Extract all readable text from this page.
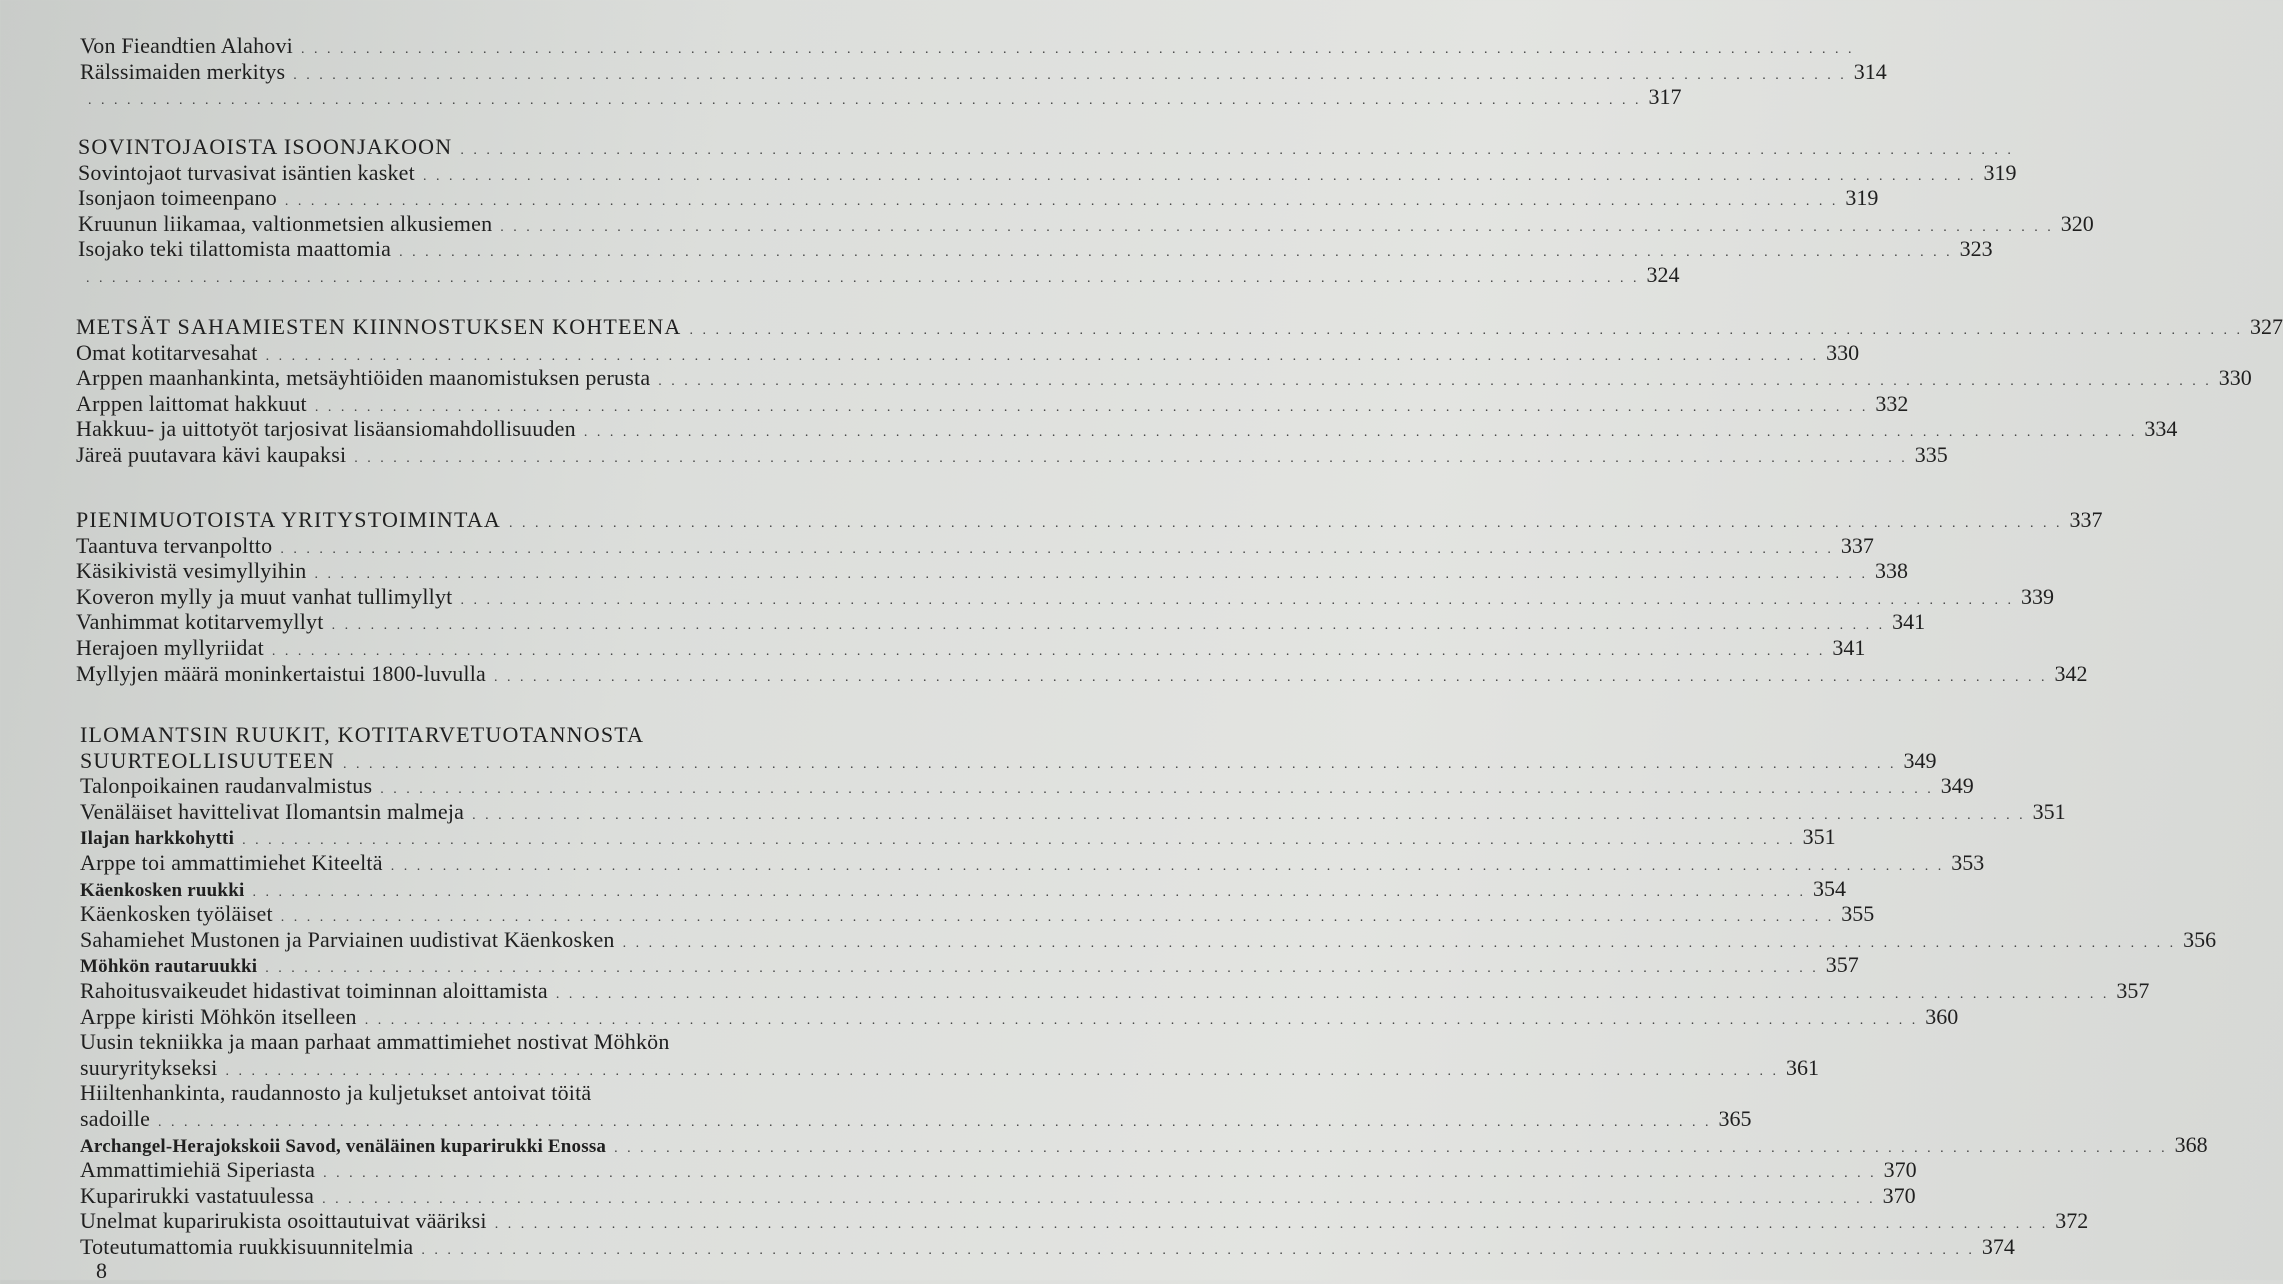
Von Fieandtien Alahovi . . . . . . . . . . . . . . . . . . . . . . . . . . . . . . . . . . . . . . . . . . . . . . . . . . . . . . . . . . . . . . . . . . . . . . . . . . . . . . . . . . . . . . . . . . . . . . . . . . . . . . . . . . . . . . . . . . . . . . . .
Rälssimaiden merkitys . . . . . . . . . . . . . . . . . . . . . . . . . . . . . . . . . . . . . . . . . . . . . . . . . . . . . . . . . . . . . . . . . . . . . . . . . . . . . . . . . . . . . . . . . . . . . . . . . . . . . . . . . . . . . . . . . . . . . . . . 314
. . . . . . . . . . . . . . . . . . . . . . . . . . . . . . . . . . . . . . . . . . . . . . . . . . . . . . . . . . . . . . . . . . . . . . . . . . . . . . . . . . . . . . . . . . . . . . . . . . . . . . . . . . . . . . . . . . . . . . . . 317
SOVINTOJAOISTA ISOONJAKOON . . . . . . . . . . . . . . . . . . . . . . . . . . . . . . . . . . . . . . . . . . . . . . . . . . . . . . . . . . . . . . . . . . . . . . . . . . . . . . . . . . . . . . . . . . . . . . . . . . . . . . . . . . . . . . . . . . . . . . . .
Sovintojaot turvasivat isäntien kasket . . . . . . . . . . . . . . . . . . . . . . . . . . . . . . . . . . . . . . . . . . . . . . . . . . . . . . . . . . . . . . . . . . . . . . . . . . . . . . . . . . . . . . . . . . . . . . . . . . . . . . . . . . . . . . . . . . . . . . . . 319
Isonjaon toimeenpano . . . . . . . . . . . . . . . . . . . . . . . . . . . . . . . . . . . . . . . . . . . . . . . . . . . . . . . . . . . . . . . . . . . . . . . . . . . . . . . . . . . . . . . . . . . . . . . . . . . . . . . . . . . . . . . . . . . . . . . . 319
Kruunun liikamaa, valtionmetsien alkusiemen . . . . . . . . . . . . . . . . . . . . . . . . . . . . . . . . . . . . . . . . . . . . . . . . . . . . . . . . . . . . . . . . . . . . . . . . . . . . . . . . . . . . . . . . . . . . . . . . . . . . . . . . . . . . . . . . . . . . . . . . 320
Isojako teki tilattomista maattomia . . . . . . . . . . . . . . . . . . . . . . . . . . . . . . . . . . . . . . . . . . . . . . . . . . . . . . . . . . . . . . . . . . . . . . . . . . . . . . . . . . . . . . . . . . . . . . . . . . . . . . . . . . . . . . . . . . . . . . . . 323
. . . . . . . . . . . . . . . . . . . . . . . . . . . . . . . . . . . . . . . . . . . . . . . . . . . . . . . . . . . . . . . . . . . . . . . . . . . . . . . . . . . . . . . . . . . . . . . . . . . . . . . . . . . . . . . . . . . . . . . . 324
METSÄT SAHAMIESTEN KIINNOSTUKSEN KOHTEENA . . . . . . . . . . . . . . . . . . . . . . . . . . . . . . . . . . . . . . . . . . . . . . . . . . . . . . . . . . . . . . . . . . . . . . . . . . . . . . . . . . . . . . . . . . . . . . . . . . . . . . . . . . . . . . . . . . . . . . . . 327
Omat kotitarvesahat . . . . . . . . . . . . . . . . . . . . . . . . . . . . . . . . . . . . . . . . . . . . . . . . . . . . . . . . . . . . . . . . . . . . . . . . . . . . . . . . . . . . . . . . . . . . . . . . . . . . . . . . . . . . . . . . . . . . . . . . 330
Arppen maanhankinta, metsäyhtiöiden maanomistuksen perusta . . . . . . . . . . . . . . . . . . . . . . . . . . . . . . . . . . . . . . . . . . . . . . . . . . . . . . . . . . . . . . . . . . . . . . . . . . . . . . . . . . . . . . . . . . . . . . . . . . . . . . . . . . . . . . . . . . . . . . . . 330
Arppen laittomat hakkuut . . . . . . . . . . . . . . . . . . . . . . . . . . . . . . . . . . . . . . . . . . . . . . . . . . . . . . . . . . . . . . . . . . . . . . . . . . . . . . . . . . . . . . . . . . . . . . . . . . . . . . . . . . . . . . . . . . . . . . . . 332
Hakkuu- ja uittotyöt tarjosivat lisäansiomahdollisuuden . . . . . . . . . . . . . . . . . . . . . . . . . . . . . . . . . . . . . . . . . . . . . . . . . . . . . . . . . . . . . . . . . . . . . . . . . . . . . . . . . . . . . . . . . . . . . . . . . . . . . . . . . . . . . . . . . . . . . . . . 334
Järeä puutavara kävi kaupaksi . . . . . . . . . . . . . . . . . . . . . . . . . . . . . . . . . . . . . . . . . . . . . . . . . . . . . . . . . . . . . . . . . . . . . . . . . . . . . . . . . . . . . . . . . . . . . . . . . . . . . . . . . . . . . . . . . . . . . . . . 335
PIENIMUOTOISTA YRITYSTOIMINTAA . . . . . . . . . . . . . . . . . . . . . . . . . . . . . . . . . . . . . . . . . . . . . . . . . . . . . . . . . . . . . . . . . . . . . . . . . . . . . . . . . . . . . . . . . . . . . . . . . . . . . . . . . . . . . . . . . . . . . . . . 337
Taantuva tervanpoltto . . . . . . . . . . . . . . . . . . . . . . . . . . . . . . . . . . . . . . . . . . . . . . . . . . . . . . . . . . . . . . . . . . . . . . . . . . . . . . . . . . . . . . . . . . . . . . . . . . . . . . . . . . . . . . . . . . . . . . . . 337
Käsikivistä vesimyllyihin . . . . . . . . . . . . . . . . . . . . . . . . . . . . . . . . . . . . . . . . . . . . . . . . . . . . . . . . . . . . . . . . . . . . . . . . . . . . . . . . . . . . . . . . . . . . . . . . . . . . . . . . . . . . . . . . . . . . . . . . 338
Koveron mylly ja muut vanhat tullimyllyt . . . . . . . . . . . . . . . . . . . . . . . . . . . . . . . . . . . . . . . . . . . . . . . . . . . . . . . . . . . . . . . . . . . . . . . . . . . . . . . . . . . . . . . . . . . . . . . . . . . . . . . . . . . . . . . . . . . . . . . . 339
Vanhimmat kotitarvemyllyt . . . . . . . . . . . . . . . . . . . . . . . . . . . . . . . . . . . . . . . . . . . . . . . . . . . . . . . . . . . . . . . . . . . . . . . . . . . . . . . . . . . . . . . . . . . . . . . . . . . . . . . . . . . . . . . . . . . . . . . . 341
Herajoen myllyriidat . . . . . . . . . . . . . . . . . . . . . . . . . . . . . . . . . . . . . . . . . . . . . . . . . . . . . . . . . . . . . . . . . . . . . . . . . . . . . . . . . . . . . . . . . . . . . . . . . . . . . . . . . . . . . . . . . . . . . . . . 341
Myllyjen määrä moninkertaistui 1800-luvulla . . . . . . . . . . . . . . . . . . . . . . . . . . . . . . . . . . . . . . . . . . . . . . . . . . . . . . . . . . . . . . . . . . . . . . . . . . . . . . . . . . . . . . . . . . . . . . . . . . . . . . . . . . . . . . . . . . . . . . . . 342
ILOMANTSIN RUUKIT, KOTITARVETUOTANNOSTA
SUURTEOLLISUUTEEN . . . . . . . . . . . . . . . . . . . . . . . . . . . . . . . . . . . . . . . . . . . . . . . . . . . . . . . . . . . . . . . . . . . . . . . . . . . . . . . . . . . . . . . . . . . . . . . . . . . . . . . . . . . . . . . . . . . . . . . . 349
Talonpoikainen raudanvalmistus . . . . . . . . . . . . . . . . . . . . . . . . . . . . . . . . . . . . . . . . . . . . . . . . . . . . . . . . . . . . . . . . . . . . . . . . . . . . . . . . . . . . . . . . . . . . . . . . . . . . . . . . . . . . . . . . . . . . . . . . 349
Venäläiset havittelivat Ilomantsin malmeja . . . . . . . . . . . . . . . . . . . . . . . . . . . . . . . . . . . . . . . . . . . . . . . . . . . . . . . . . . . . . . . . . . . . . . . . . . . . . . . . . . . . . . . . . . . . . . . . . . . . . . . . . . . . . . . . . . . . . . . . 351
Ilajan harkkohytti . . . . . . . . . . . . . . . . . . . . . . . . . . . . . . . . . . . . . . . . . . . . . . . . . . . . . . . . . . . . . . . . . . . . . . . . . . . . . . . . . . . . . . . . . . . . . . . . . . . . . . . . . . . . . . . . . . . . . . . . 351
Arppe toi ammattimiehet Kiteeltä . . . . . . . . . . . . . . . . . . . . . . . . . . . . . . . . . . . . . . . . . . . . . . . . . . . . . . . . . . . . . . . . . . . . . . . . . . . . . . . . . . . . . . . . . . . . . . . . . . . . . . . . . . . . . . . . . . . . . . . . 353
Käenkosken ruukki . . . . . . . . . . . . . . . . . . . . . . . . . . . . . . . . . . . . . . . . . . . . . . . . . . . . . . . . . . . . . . . . . . . . . . . . . . . . . . . . . . . . . . . . . . . . . . . . . . . . . . . . . . . . . . . . . . . . . . . . 354
Käenkosken työläiset . . . . . . . . . . . . . . . . . . . . . . . . . . . . . . . . . . . . . . . . . . . . . . . . . . . . . . . . . . . . . . . . . . . . . . . . . . . . . . . . . . . . . . . . . . . . . . . . . . . . . . . . . . . . . . . . . . . . . . . . 355
Sahamiehet Mustonen ja Parviainen uudistivat Käenkosken . . . . . . . . . . . . . . . . . . . . . . . . . . . . . . . . . . . . . . . . . . . . . . . . . . . . . . . . . . . . . . . . . . . . . . . . . . . . . . . . . . . . . . . . . . . . . . . . . . . . . . . . . . . . . . . . . . . . . . . . 356
Möhkön rautaruukki . . . . . . . . . . . . . . . . . . . . . . . . . . . . . . . . . . . . . . . . . . . . . . . . . . . . . . . . . . . . . . . . . . . . . . . . . . . . . . . . . . . . . . . . . . . . . . . . . . . . . . . . . . . . . . . . . . . . . . . . 357
Rahoitusvaikeudet hidastivat toiminnan aloittamista . . . . . . . . . . . . . . . . . . . . . . . . . . . . . . . . . . . . . . . . . . . . . . . . . . . . . . . . . . . . . . . . . . . . . . . . . . . . . . . . . . . . . . . . . . . . . . . . . . . . . . . . . . . . . . . . . . . . . . . . 357
Arppe kiristi Möhkön itselleen . . . . . . . . . . . . . . . . . . . . . . . . . . . . . . . . . . . . . . . . . . . . . . . . . . . . . . . . . . . . . . . . . . . . . . . . . . . . . . . . . . . . . . . . . . . . . . . . . . . . . . . . . . . . . . . . . . . . . . . . 360
Uusin tekniikka ja maan parhaat ammattimiehet nostivat Möhkön
suuryritykseksi . . . . . . . . . . . . . . . . . . . . . . . . . . . . . . . . . . . . . . . . . . . . . . . . . . . . . . . . . . . . . . . . . . . . . . . . . . . . . . . . . . . . . . . . . . . . . . . . . . . . . . . . . . . . . . . . . . . . . . . . 361
Hiiltenhankinta, raudannosto ja kuljetukset antoivat töitä
sadoille . . . . . . . . . . . . . . . . . . . . . . . . . . . . . . . . . . . . . . . . . . . . . . . . . . . . . . . . . . . . . . . . . . . . . . . . . . . . . . . . . . . . . . . . . . . . . . . . . . . . . . . . . . . . . . . . . . . . . . . . 365
Archangel-Herajokskoii Savod, venäläinen kuparirukki Enossa . . . . . . . . . . . . . . . . . . . . . . . . . . . . . . . . . . . . . . . . . . . . . . . . . . . . . . . . . . . . . . . . . . . . . . . . . . . . . . . . . . . . . . . . . . . . . . . . . . . . . . . . . . . . . . . . . . . . . . . . 368
Ammattimiehiä Siperiasta . . . . . . . . . . . . . . . . . . . . . . . . . . . . . . . . . . . . . . . . . . . . . . . . . . . . . . . . . . . . . . . . . . . . . . . . . . . . . . . . . . . . . . . . . . . . . . . . . . . . . . . . . . . . . . . . . . . . . . . . 370
Kuparirukki vastatuulessa . . . . . . . . . . . . . . . . . . . . . . . . . . . . . . . . . . . . . . . . . . . . . . . . . . . . . . . . . . . . . . . . . . . . . . . . . . . . . . . . . . . . . . . . . . . . . . . . . . . . . . . . . . . . . . . . . . . . . . . . 370
Unelmat kuparirukista osoittautuivat vääriksi . . . . . . . . . . . . . . . . . . . . . . . . . . . . . . . . . . . . . . . . . . . . . . . . . . . . . . . . . . . . . . . . . . . . . . . . . . . . . . . . . . . . . . . . . . . . . . . . . . . . . . . . . . . . . . . . . . . . . . . . 372
Toteutumattomia ruukkisuunnitelmia . . . . . . . . . . . . . . . . . . . . . . . . . . . . . . . . . . . . . . . . . . . . . . . . . . . . . . . . . . . . . . . . . . . . . . . . . . . . . . . . . . . . . . . . . . . . . . . . . . . . . . . . . . . . . . . . . . . . . . . . 374
8
